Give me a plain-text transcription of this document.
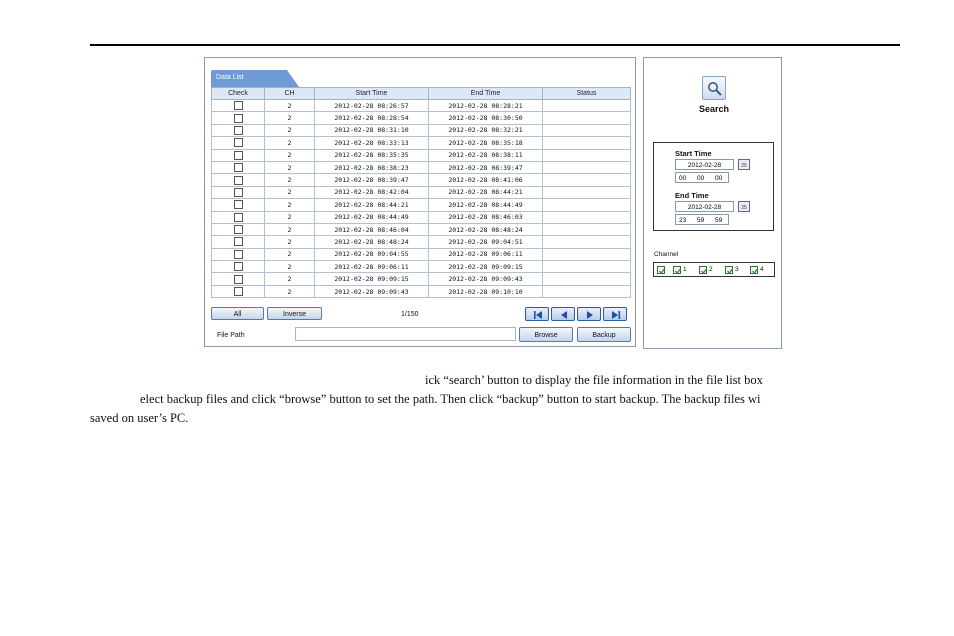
Data List
Check	CH	Start Time	End Time	Status
	2	2012-02-28 08:26:57	2012-02-28 08:28:21	
	2	2012-02-28 08:28:54	2012-02-28 08:30:50	
	2	2012-02-28 08:31:10	2012-02-28 08:32:21	
	2	2012-02-28 08:33:13	2012-02-28 08:35:18	
	2	2012-02-28 08:35:35	2012-02-28 08:38:11	
	2	2012-02-28 08:38:23	2012-02-28 08:39:47	
	2	2012-02-28 08:39:47	2012-02-28 08:41:06	
	2	2012-02-28 08:42:04	2012-02-28 08:44:21	
	2	2012-02-28 08:44:21	2012-02-28 08:44:49	
	2	2012-02-28 08:44:49	2012-02-28 08:46:03	
	2	2012-02-28 08:46:04	2012-02-28 08:48:24	
	2	2012-02-28 08:48:24	2012-02-28 09:04:51	
	2	2012-02-28 09:04:55	2012-02-28 09:06:11	
	2	2012-02-28 09:06:11	2012-02-28 09:09:15	
	2	2012-02-28 09:09:15	2012-02-28 09:09:43	
	2	2012-02-28 09:09:43	2012-02-28 09:10:10	
All	Inverse	1/150
File Path	Browse	Backup
Search
Start Time
2012-02-28	25
00 00 00
End Time
2012-02-28	25
23 59 59
Channel
1	2	3	4
ick “search’ button to display the file information in the file list box
elect backup files and click “browse” button to set the path. Then click “backup” button to start backup. The backup files wi
saved on user’s PC.
